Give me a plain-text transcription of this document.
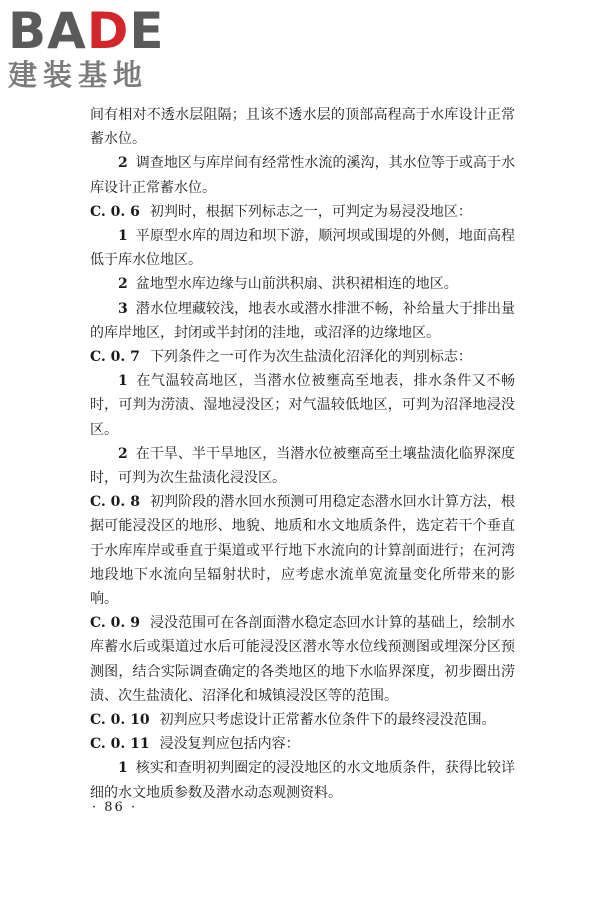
BADE
建装基地

间有相对不透水层阻隔；且该不透水层的顶部高程高于水库设计正常蓄水位。

2 调查地区与库岸间有经常性水流的溪沟，其水位等于或高于水库设计正常蓄水位。

C. 0. 6 初判时，根据下列标志之一，可判定为易浸没地区：

1 平原型水库的周边和坝下游，顺河坝或围堤的外侧，地面高程低于库水位地区。

2 盆地型水库边缘与山前洪积扇、洪积裙相连的地区。

3 潜水位埋藏较浅，地表水或潜水排泄不畅，补给量大于排出量的库岸地区，封闭或半封闭的洼地，或沼泽的边缘地区。

C. 0. 7 下列条件之一可作为次生盐渍化沼泽化的判别标志：

1 在气温较高地区，当潜水位被壅高至地表，排水条件又不畅时，可判为涝渍、湿地浸没区；对气温较低地区，可判为沼泽地浸没区。

2 在干旱、半干旱地区，当潜水位被壅高至土壤盐渍化临界深度时，可判为次生盐渍化浸没区。

C. 0. 8 初判阶段的潜水回水预测可用稳定态潜水回水计算方法，根据可能浸没区的地形、地貌、地质和水文地质条件，选定若干个垂直于水库库岸或垂直于渠道或平行地下水流向的计算剖面进行；在河湾地段地下水流向呈辐射状时，应考虑水流单宽流量变化所带来的影响。

C. 0. 9 浸没范围可在各剖面潜水稳定态回水计算的基础上，绘制水库蓄水后或渠道过水后可能浸没区潜水等水位线预测图或埋深分区预测图，结合实际调查确定的各类地区的地下水临界深度，初步圈出涝渍、次生盐渍化、沼泽化和城镇浸没区等的范围。

C. 0. 10 初判应只考虑设计正常蓄水位条件下的最终浸没范围。

C. 0. 11 浸没复判应包括内容：

1 核实和查明初判圈定的浸没地区的水文地质条件，获得比较详细的水文地质参数及潜水动态观测资料。

· 86 ·
